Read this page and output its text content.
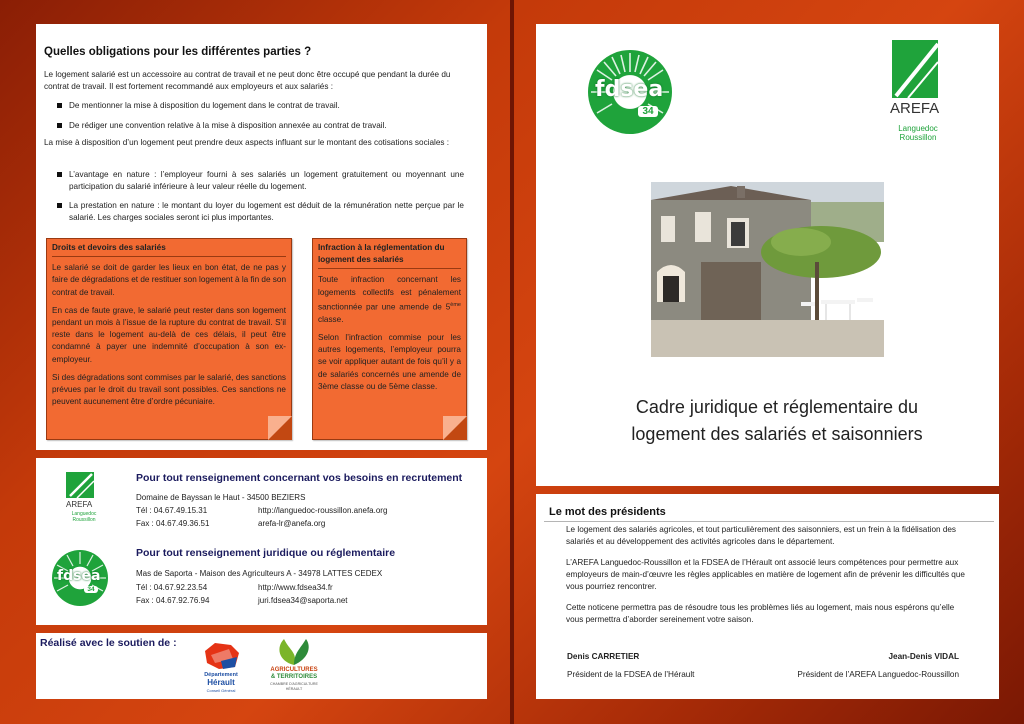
Quelles obligations pour les différentes parties ?
Le logement salarié est un accessoire au contrat de travail et ne peut donc être occupé que pendant la durée du contrat de travail. Il est fortement recommandé aux employeurs et aux salariés :
De mentionner la mise à disposition du logement dans le contrat de travail.
De rédiger une convention relative à la mise à disposition annexée au contrat de travail.
La mise à disposition d’un logement peut prendre deux aspects influant sur le montant des cotisations sociales :
L’avantage en nature : l’employeur fourni à ses salariés un logement gratuitement ou moyennant une participation du salarié inférieure à leur valeur réelle du logement.
La prestation en nature : le montant du loyer du logement est déduit de la rémunération nette perçue par le salarié. Les charges sociales seront ici plus importantes.
Droits et devoirs des salariés

Le salarié se doit de garder les lieux en bon état, de ne pas y faire de dégradations et de restituer son logement à la fin de son contrat de travail.

En cas de faute grave, le salarié peut rester dans son logement pendant un mois à l’issue de la rupture du contrat de travail. S’il reste dans le logement au-delà de ces délais, il peut être condamné à payer une indemnité d’occupation à son ex-employeur.

Si des dégradations sont commises par le salarié, des sanctions prévues par le droit du travail sont possibles. Ces sanctions ne peuvent aucunement être d’ordre pécuniaire.

Infraction à la réglementation du logement des salariés

Toute infraction concernant les logements collectifs est pénalement sanctionnée par une amende de 5ème classe.

Selon l’infraction commise pour les autres logements, l’employeur pourra se voir appliquer autant de fois qu’il y a de salariés concernés une amende de 3ème classe ou de 5ème classe.

AREFA
Languedoc
Roussillon
Pour tout renseignement concernant vos besoins en recrutement
Domaine de Bayssan le Haut - 34500 BEZIERS
Tél : 04.67.49.15.31
Fax : 04.67.49.36.51
http://languedoc-roussillon.anefa.org
arefa-lr@anefa.org
fdsea
34
Pour tout renseignement juridique ou réglementaire
Mas de Saporta - Maison des Agriculteurs A - 34978 LATTES CEDEX
Tél : 04.67.92.23.54
Fax : 04.67.92.76.94
http://www.fdsea34.fr
juri.fdsea34@saporta.net
Réalisé avec le soutien de :
Département
Hérault
Conseil Général
AGRICULTURES
& TERRITOIRES
CHAMBRE D'AGRICULTURE
HÉRAULT
fdsea
34	AREFA
Languedoc
Roussillon
Cadre juridique et réglementaire du
logement des salariés et saisonniers
Le mot des présidents
Le logement des salariés agricoles, et tout particulièrement des saisonniers, est un frein à la fidélisation des salariés et au développement des activités agricoles dans le département.
L’AREFA Languedoc-Roussillon et la FDSEA de l’Hérault ont associé leurs compétences pour permettre aux employeurs de main-d’œuvre les règles applicables en matière de logement afin de prévenir les difficultés que vous pourriez rencontrer.
Cette noticene permettra pas de résoudre tous les problèmes liés au logement, mais nous espérons qu’elle vous permettra d’aborder sereinement votre saison.
Denis CARRETIER
Président de la FDSEA de l’Hérault
Jean-Denis VIDAL
Président de l’AREFA Languedoc-Roussillon
